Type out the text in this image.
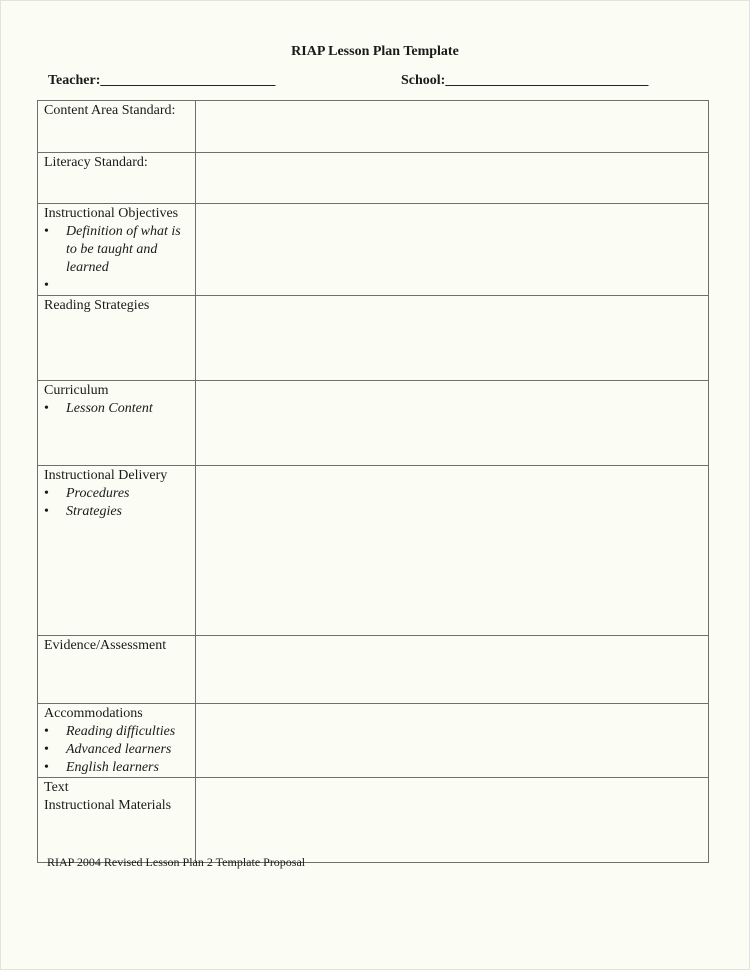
RIAP Lesson Plan Template
Teacher:_________________________	School:_____________________________
Content Area Standard:	

Literacy Standard:	

Instructional Objectives
• Definition of what is to be taught and learned
•

Reading Strategies	

Curriculum
• Lesson Content

Instructional Delivery
• Procedures
• Strategies

Evidence/Assessment	

Accommodations
• Reading difficulties
• Advanced learners
• English learners

Text
Instructional Materials	

RIAP 2004 Revised Lesson Plan 2 Template Proposal
